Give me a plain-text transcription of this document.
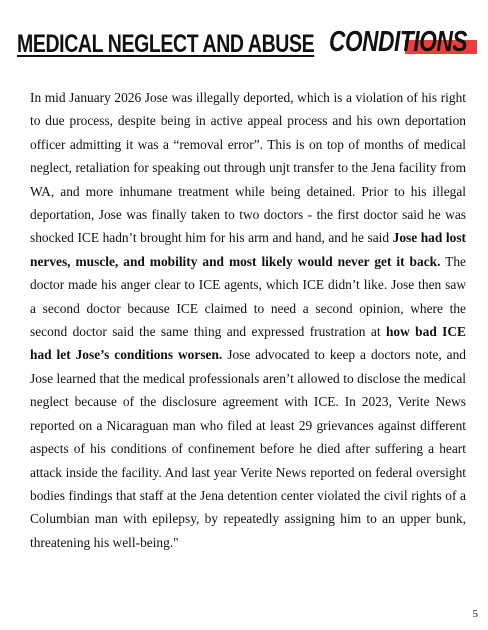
MEDICAL NEGLECT AND ABUSE CONDITIONS

In mid January 2026 Jose was illegally deported, which is a violation of his right to due process, despite being in active appeal process and his own deportation officer admitting it was a “removal error”. This is on top of months of medical neglect, retaliation for speaking out through unjt transfer to the Jena facility from WA, and more inhumane treatment while being detained. Prior to his illegal deportation, Jose was finally taken to two doctors - the first doctor said he was shocked ICE hadn’t brought him for his arm and hand, and he said Jose had lost nerves, muscle, and mobility and most likely would never get it back. The doctor made his anger clear to ICE agents, which ICE didn’t like. Jose then saw a second doctor because ICE claimed to need a second opinion, where the second doctor said the same thing and expressed frustration at how bad ICE had let Jose’s conditions worsen. Jose advocated to keep a doctors note, and Jose learned that the medical professionals aren’t allowed to disclose the medical neglect because of the disclosure agreement with ICE. In 2023, Verite News reported on a Nicaraguan man who filed at least 29 grievances against different aspects of his conditions of confinement before he died after suffering a heart attack inside the facility. And last year Verite News reported on federal oversight bodies findings that staff at the Jena detention center violated the civil rights of a Columbian man with epilepsy, by repeatedly assigning him to an upper bunk, threatening his well-being."

5
